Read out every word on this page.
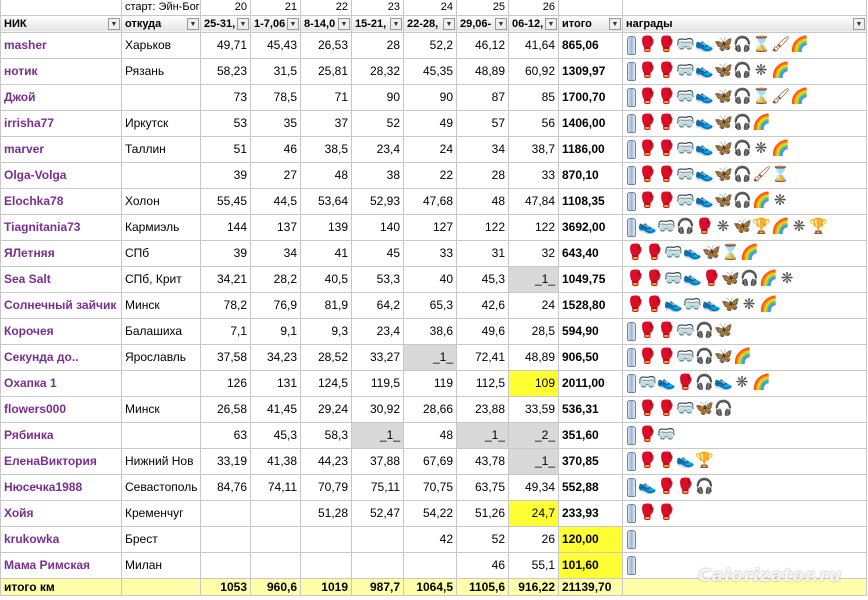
	старт: Эйн-Бог	20	21	22	23	24	25	26		
НИК ▼	откуда ▼	25-31, ▼	1-7,06 ▼	8-14,0 ▼	15-21, ▼	22-28, ▼	29,06- ▼	06-12, ▼	итого ▼	награды ▼

masher	Харьков	49,71	45,43	26,53	28	52,2	46,12	41,64	865,06	🥊🥊🥽👟🦋🎧⌛🖌🌈
нотик	Рязань	58,23	31,5	25,81	28,32	45,35	48,89	60,92	1309,97	🥊🥊🥽👟🦋🎧 ❋ 🌈
Джой		73	78,5	71	90	90	87	85	1700,70	🥊🥊🥽👟🦋🎧⌛🖌🌈
irrisha77	Иркутск	53	35	37	52	49	57	56	1406,00	🥊🥊🥽👟🦋🎧🌈
marver	Таллин	51	46	38,5	23,4	24	34	38,7	1186,00	🥊🥊🥽👟🦋🎧 ❋ 🌈
Olga-Volga		39	27	48	38	22	28	33	870,10	🥊🥊🥽👟🦋🎧🖌⌛
Elochka78	Холон	55,45	44,5	53,64	52,93	47,68	48	47,84	1108,35	🥊🥊🥽👟🦋🎧🌈 ❋
Tiagnitania73	Кармиэль	144	137	139	140	127	122	122	3692,00	👟🥽🎧🥊 ❋ 🦋🏆🌈 ❋ 🏆
ЯЛетняя	СПб	39	34	41	45	33	31	32	643,40	🥊🥊🥽👟🦋⌛🌈
Sea Salt	СПб, Крит	34,21	28,2	40,5	53,3	40	45,3	_1_	1049,75	🥊🥊🥽👟🥊🦋🎧🌈 ❋
Солнечный зайчик	Минск	78,2	76,9	81,9	64,2	65,3	42,6	24	1528,80	🥊🥊👟🥽👟🦋 ❋ 🌈
Корочея	Балашиха	7,1	9,1	9,3	23,4	38,6	49,6	28,5	594,90	🥊🥊🥽🎧🦋
Секунда до..	Ярославль	37,58	34,23	28,52	33,27	_1_	72,41	48,89	906,50	🥊🥊🥽🎧🦋🌈
Охапка 1		126	131	124,5	119,5	119	112,5	109	2011,00	🥽👟🥊🎧👟 ❋ 🌈
flowers000	Минск	26,58	41,45	29,24	30,92	28,66	23,88	33,59	536,31	🥊🥊🥽🦋🎧
Рябинка		63	45,3	58,3	_1_	48	_1_	_2_	351,60	🥊🥽
ЕленаВиктория	Нижний Нов	33,19	41,38	44,23	37,88	67,69	43,78	_1_	370,85	🥊🥊👟🏆
Нюсечка1988	Севастополь	84,76	74,11	70,79	75,11	70,75	63,75	49,34	552,88	👟🥊🥊🎧
Хойя	Кременчуг			51,28	52,47	54,22	51,26	24,7	233,93	🥊🥊
krukowka	Брест					42	52	26	120,00	
Мама Римская	Милан						46	55,1	101,60	
итого км		1053	960,6	1019	987,7	1064,5	1105,6	916,22	21139,70	
Calorizator.ru
